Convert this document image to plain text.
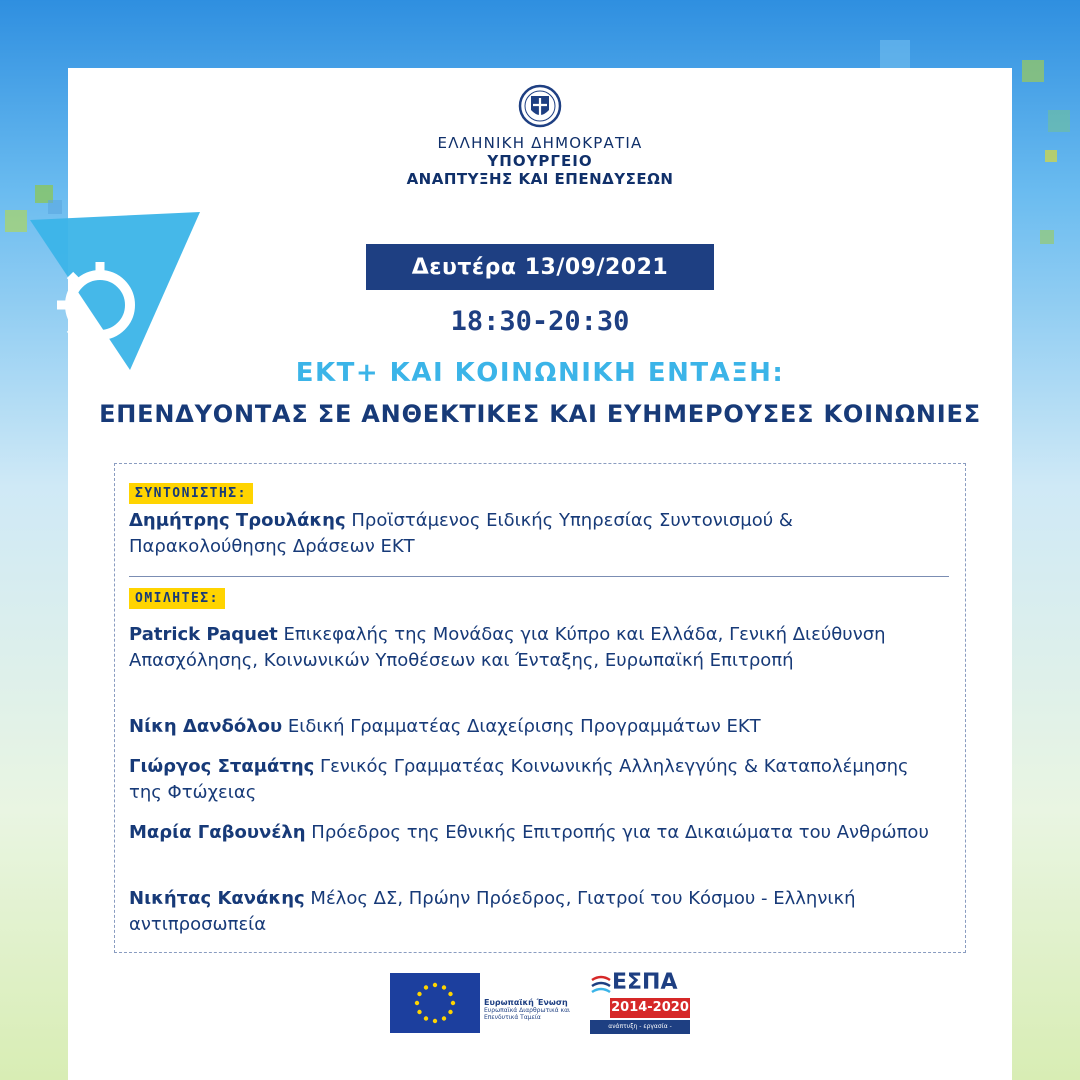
ΕΛΛΗΝΙΚΗ ΔΗΜΟΚΡΑΤΙΑ
ΥΠΟΥΡΓΕΙΟ
ΑΝΑΠΤΥΞΗΣ ΚΑΙ ΕΠΕΝΔΥΣΕΩΝ
Δευτέρα 13/09/2021
18:30-20:30
ΕΚΤ+ ΚΑΙ ΚΟΙΝΩΝΙΚΗ ΕΝΤΑΞΗ:
ΕΠΕΝΔΥΟΝΤΑΣ ΣΕ ΑΝΘΕΚΤΙΚΕΣ ΚΑΙ ΕΥΗΜΕΡΟΥΣΕΣ ΚΟΙΝΩΝΙΕΣ
ΣΥΝΤΟΝΙΣΤΗΣ:
Δημήτρης Τρουλάκης Προϊστάμενος Ειδικής Υπηρεσίας Συντονισμού & Παρακολούθησης Δράσεων ΕΚΤ
ΟΜΙΛΗΤΕΣ:
Patrick Paquet Επικεφαλής της Μονάδας για Κύπρο και Ελλάδα, Γενική Διεύθυνση Απασχόλησης, Κοινωνικών Υποθέσεων και Ένταξης, Ευρωπαϊκή Επιτροπή
Νίκη Δανδόλου Ειδική Γραμματέας Διαχείρισης Προγραμμάτων ΕΚΤ
Γιώργος Σταμάτης Γενικός Γραμματέας Κοινωνικής Αλληλεγγύης & Καταπολέμησης της Φτώχειας
Μαρία Γαβουνέλη Πρόεδρος της Εθνικής Επιτροπής για τα Δικαιώματα του Ανθρώπου
Νικήτας Κανάκης Μέλος ΔΣ, Πρώην Πρόεδρος, Γιατροί του Κόσμου - Ελληνική αντιπροσωπεία
Ευρωπαϊκή Ένωση
Ευρωπαϊκά Διαρθρωτικά και Επενδυτικά Ταμεία
ΕΣΠΑ
2014-2020
ανάπτυξη - εργασία - αλληλεγγύη
